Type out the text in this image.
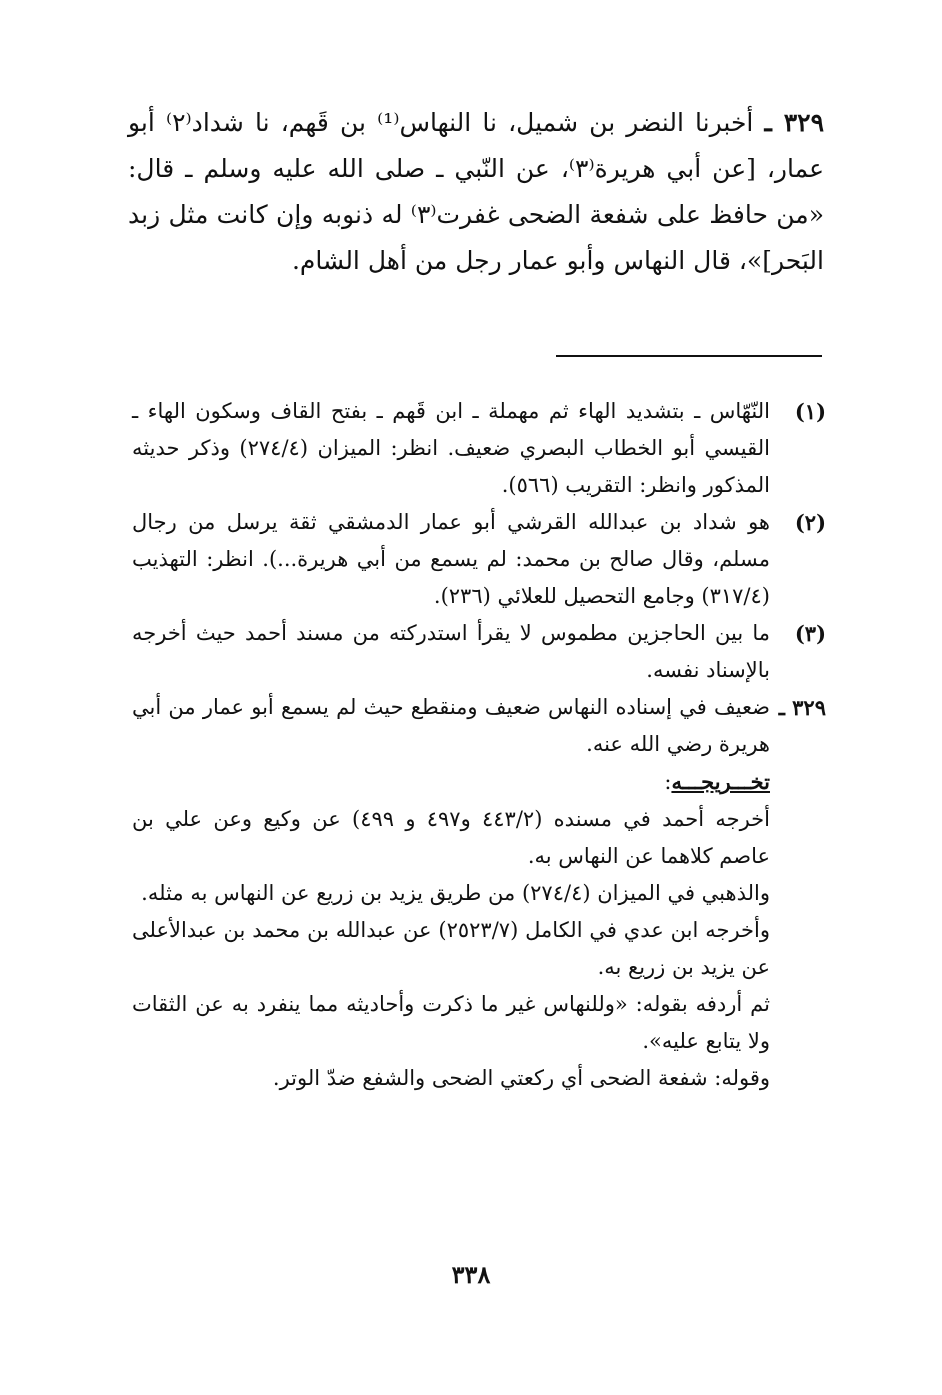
٣٢٩ ـ أخبرنا النضر بن شميل، نا النهاس⁽¹⁾ بن قَهم، نا شداد⁽٢⁾ أبو عمار، [عن أبي هريرة⁽٣⁾، عن النّبي ـ صلى الله عليه وسلم ـ قال: «من حافظ على شفعة الضحى غفرت⁽٣⁾ له ذنوبه وإن كانت مثل زبد البَحر]»، قال النهاس وأبو عمار رجل من أهل الشام.
(١)
النّهّاس ـ بتشديد الهاء ثم مهملة ـ ابن قَهم ـ بفتح القاف وسكون الهاء ـ القيسي أبو الخطاب البصري ضعيف. انظر: الميزان (٢٧٤/٤) وذكر حديثه المذكور وانظر: التقريب (٥٦٦).
(٢)
هو شداد بن عبدالله القرشي أبو عمار الدمشقي ثقة يرسل من رجال مسلم، وقال صالح بن محمد: لم يسمع من أبي هريرة...). انظر: التهذيب (٣١٧/٤) وجامع التحصيل للعلائي (٢٣٦).
(٣)
ما بين الحاجزين مطموس لا يقرأ استدركته من مسند أحمد حيث أخرجه بالإسناد نفسه.
٣٢٩ ـ
ضعيف في إسناده النهاس ضعيف ومنقطع حيث لم يسمع أبو عمار من أبي هريرة رضي الله عنه.
تخـــريجـــه:

أخرجه أحمد في مسنده (٤٤٣/٢ و٤٩٧ و ٤٩٩) عن وكيع وعن علي بن عاصم كلاهما عن النهاس به.

والذهبي في الميزان (٢٧٤/٤) من طريق يزيد بن زريع عن النهاس به مثله.

وأخرجه ابن عدي في الكامل (٢٥٢٣/٧) عن عبدالله بن محمد بن عبدالأعلى عن يزيد بن زريع به.

ثم أردفه بقوله: «وللنهاس غير ما ذكرت وأحاديثه مما ينفرد به عن الثقات ولا يتابع عليه».

وقوله: شفعة الضحى أي ركعتي الضحى والشفع ضدّ الوتر.

٣٣٨
